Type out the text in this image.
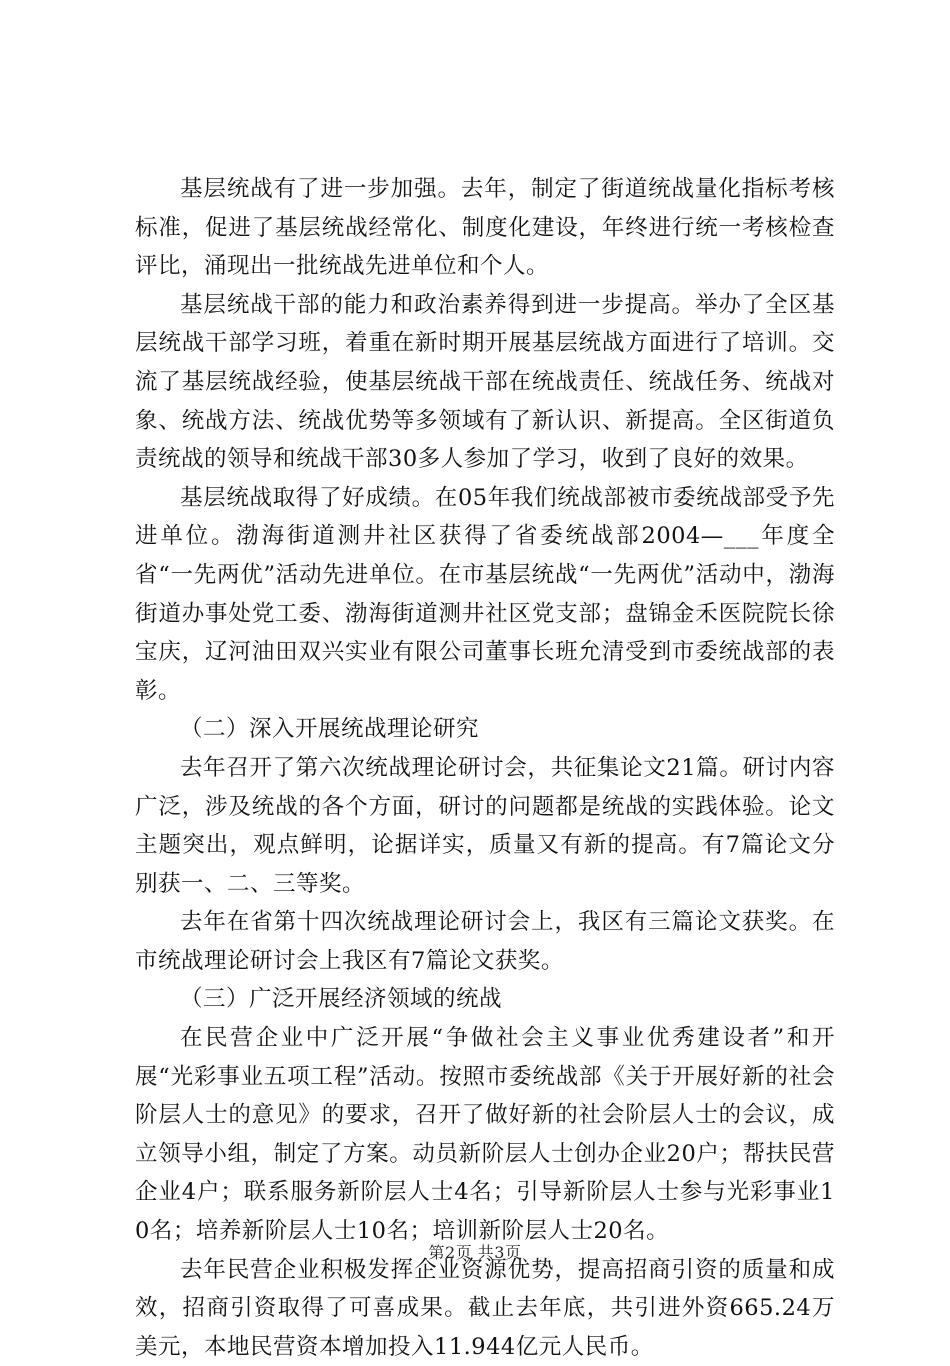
基层统战有了进一步加强。去年，制定了街道统战量化指标考核标准，促进了基层统战经常化、制度化建设，年终进行统一考核检查评比，涌现出一批统战先进单位和个人。

基层统战干部的能力和政治素养得到进一步提高。举办了全区基层统战干部学习班，着重在新时期开展基层统战方面进行了培训。交流了基层统战经验，使基层统战干部在统战责任、统战任务、统战对象、统战方法、统战优势等多领域有了新认识、新提高。全区街道负责统战的领导和统战干部30多人参加了学习，收到了良好的效果。

基层统战取得了好成绩。在05年我们统战部被市委统战部受予先进单位。渤海街道测井社区获得了省委统战部2004—___年度全省“一先两优”活动先进单位。在市基层统战“一先两优”活动中，渤海街道办事处党工委、渤海街道测井社区党支部；盘锦金禾医院院长徐宝庆，辽河油田双兴实业有限公司董事长班允清受到市委统战部的表彰。

（二）深入开展统战理论研究

去年召开了第六次统战理论研讨会，共征集论文21篇。研讨内容广泛，涉及统战的各个方面，研讨的问题都是统战的实践体验。论文主题突出，观点鲜明，论据详实，质量又有新的提高。有7篇论文分别获一、二、三等奖。

去年在省第十四次统战理论研讨会上，我区有三篇论文获奖。在市统战理论研讨会上我区有7篇论文获奖。

（三）广泛开展经济领域的统战

在民营企业中广泛开展“争做社会主义事业优秀建设者”和开展“光彩事业五项工程”活动。按照市委统战部《关于开展好新的社会阶层人士的意见》的要求，召开了做好新的社会阶层人士的会议，成立领导小组，制定了方案。动员新阶层人士创办企业20户；帮扶民营企业4户；联系服务新阶层人士4名；引导新阶层人士参与光彩事业10名；培养新阶层人士10名；培训新阶层人士20名。

去年民营企业积极发挥企业资源优势，提高招商引资的质量和成效，招商引资取得了可喜成果。截止去年底，共引进外资665.24万美元，本地民营资本增加投入11.944亿元人民币。

第2页 共3页
